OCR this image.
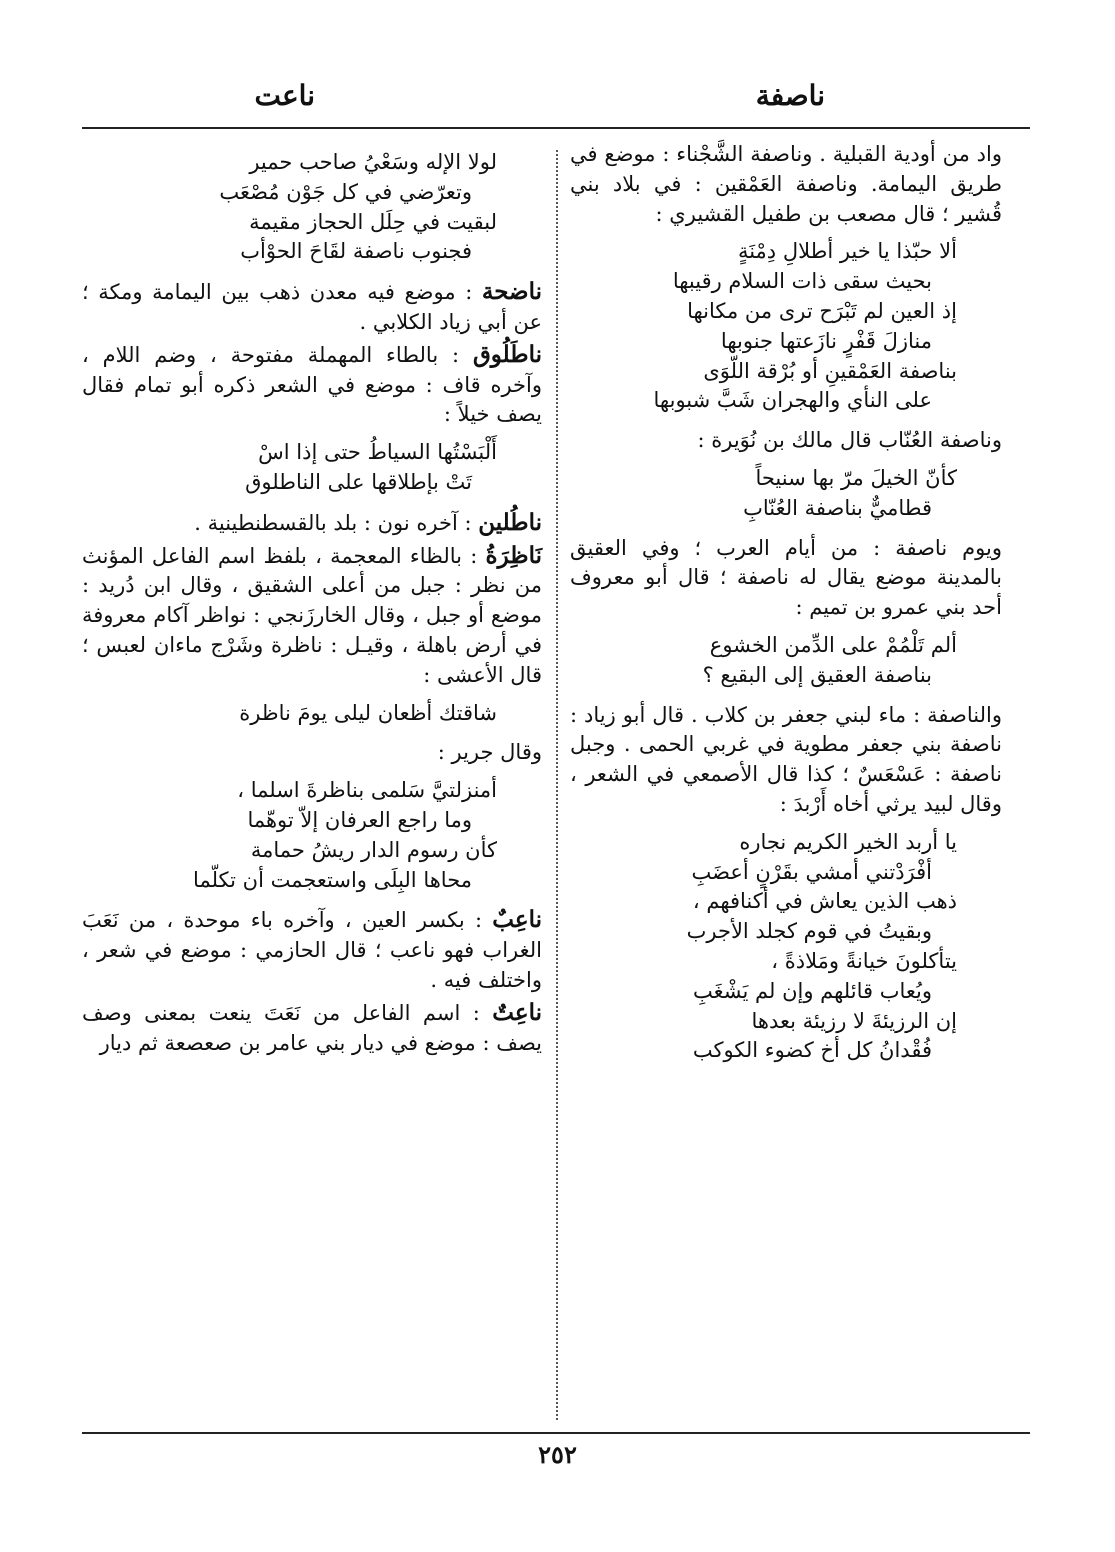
ناصفة
ناعت
واد من أودية القبلية . وناصفة الشَّجْناء : موضع في طريق اليمامة. وناصفة العَمْقين : في بلاد بني قُشير ؛ قال مصعب بن طفيل القشيري :
ألا حبّذا يا خير أطلالِ دِمْنَةٍ
بحيث سقى ذات السلام رقيبها
إذ العين لم تَبْرَح ترى من مكانها
منازلَ قَفْرٍ نازَعتها جنوبها
بناصفة العَمْقينِ أو بُرْقة اللّوَى
على النأي والهجران شَبَّ شبوبها
وناصفة العُنّاب قال مالك بن نُوَيرة :
كأنّ الخيلَ مرّ بها سنيحاً
قطاميٌّ بناصفة العُنّابِ
ويوم ناصفة : من أيام العرب ؛ وفي العقيق بالمدينة موضع يقال له ناصفة ؛ قال أبو معروف أحد بني عمرو بن تميم :
ألم تَلْمُمْ على الدِّمن الخشوع
بناصفة العقيق إلى البقيع ؟
والناصفة : ماء لبني جعفر بن كلاب . قال أبو زياد : ناصفة بني جعفر مطوية في غربي الحمى . وجبل ناصفة : عَسْعَسٌ ؛ كذا قال الأصمعي في الشعر ، وقال لبيد يرثي أخاه أَرْبدَ :
يا أربد الخير الكريم نجاره
أفْرَدْتني أمشي بقَرْنٍ أعضَبِ
ذهب الذين يعاش في أكنافهم ،
وبقيتُ في قوم كجلد الأجرب
يتأكلونَ خيانةً ومَلاذةً ،
ويُعاب قائلهم وإن لم يَشْغَبِ
إن الرزيئةَ لا رزيئة بعدها
فُقْدانُ كل أخ كضوء الكوكب
لولا الإله وسَعْيُ صاحب حمير
وتعرّضي في كل جَوْن مُصْعَب
لبقيت في حِلَل الحجاز مقيمة
فجنوب ناصفة لقَاحَ الحوْأب
ناضحة : موضع فيه معدن ذهب بين اليمامة ومكة ؛ عن أبي زياد الكلابي .
ناطَلُوق : بالطاء المهملة مفتوحة ، وضم اللام ، وآخره قاف : موضع في الشعر ذكره أبو تمام فقال يصف خيلاً :
أَلْبَسْتُها السياطُ حتى إذا اسْ
تَتْ بإطلاقها على الناطلوق
ناطُلين : آخره نون : بلد بالقسطنطينية .
نَاظِرَةُ : بالظاء المعجمة ، بلفظ اسم الفاعل المؤنث من نظر : جبل من أعلى الشقيق ، وقال ابن دُريد : موضع أو جبل ، وقال الخارزَنجي : نواظر آكام معروفة في أرض باهلة ، وقيـل : ناظرة وشَرْج ماءان لعبس ؛ قال الأعشى :
شاقتك أظعان ليلى يومَ ناظرة
وقال جرير :
أمنزلتيَّ سَلمى بناظرةَ اسلما ،
وما راجع العرفان إلاّ توهّما
كأن رسوم الدار ريشُ حمامة
محاها البِلَى واستعجمت أن تكلّما
ناعِبٌ : بكسر العين ، وآخره باء موحدة ، من نَعَبَ الغراب فهو ناعب ؛ قال الحازمي : موضع في شعر ، واختلف فيه .
ناعِتٌ : اسم الفاعل من نَعَتَ ينعت بمعنى وصف يصف : موضع في ديار بني عامر بن صعصعة ثم ديار
٢٥٢
